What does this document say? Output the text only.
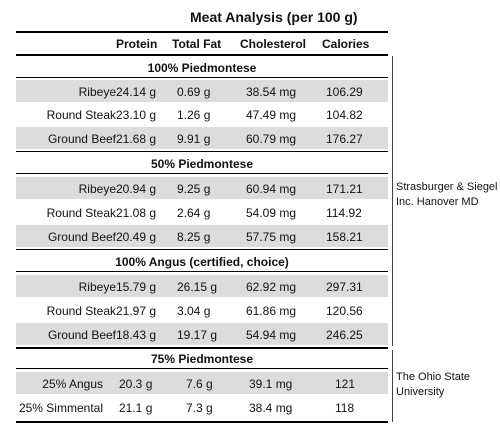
Meat Analysis (per 100 g)
Protein Total Fat Cholesterol Calories
100% Piedmontese
Ribeye 24.14 g 0.69 g	38.54 mg 106.29
Round Steak 23.10 g 1.26 g	47.49 mg 104.82
Ground Beef 21.68 g 9.91 g	60.79 mg 176.27
50% Piedmontese
Ribeye 20.94 g 9.25 g	60.94 mg 171.21
Round Steak 21.08 g 2.64 g	54.09 mg 114.92
Ground Beef 20.49 g 8.25 g	57.75 mg 158.21
100% Angus (certified, choice)
Ribeye 15.79 g 26.15 g 62.92 mg 297.31
Round Steak 21.97 g 3.04 g	61.86 mg 120.56
Ground Beef 18.43 g 19.17 g 54.94 mg 246.25
75% Piedmontese
25% Angus 20.3 g	7.6 g	39.1 mg	121
25% Simmental 21.1 g	7.3 g	38.4 mg	118
Strasburger & Siegel
Inc. Hanover MD
The Ohio State
University
